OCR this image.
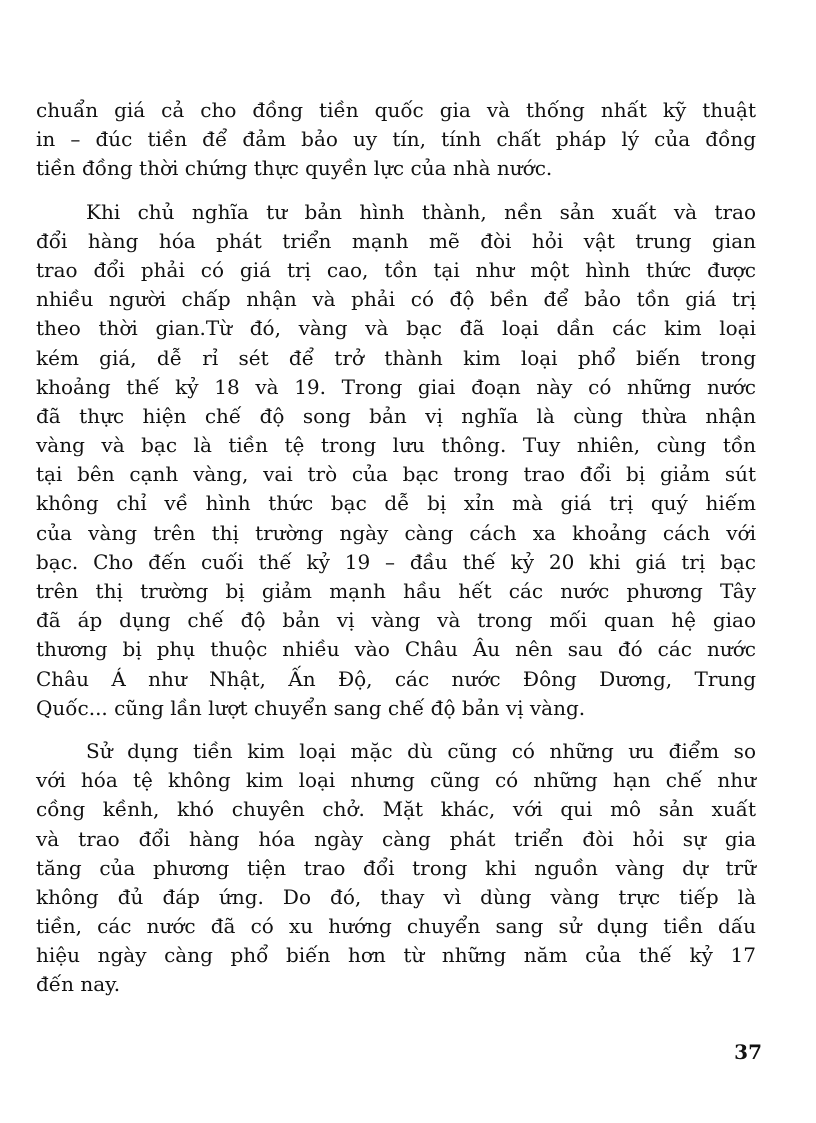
chuẩn giá cả cho đồng tiền quốc gia và thống nhất kỹ thuật
in – đúc tiền để đảm bảo uy tín, tính chất pháp lý của đồng
tiền đồng thời chứng thực quyền lực của nhà nước.
Khi chủ nghĩa tư bản hình thành, nền sản xuất và trao
đổi hàng hóa phát triển mạnh mẽ đòi hỏi vật trung gian
trao đổi phải có giá trị cao, tồn tại như một hình thức được
nhiều người chấp nhận và phải có độ bền để bảo tồn giá trị
theo thời gian.Từ đó, vàng và bạc đã loại dần các kim loại
kém giá, dễ rỉ sét để trở thành kim loại phổ biến trong
khoảng thế kỷ 18 và 19. Trong giai đoạn này có những nước
đã thực hiện chế độ song bản vị nghĩa là cùng thừa nhận
vàng và bạc là tiền tệ trong lưu thông. Tuy nhiên, cùng tồn
tại bên cạnh vàng, vai trò của bạc trong trao đổi bị giảm sút
không chỉ về hình thức bạc dễ bị xỉn mà giá trị quý hiếm
của vàng trên thị trường ngày càng cách xa khoảng cách với
bạc. Cho đến cuối thế kỷ 19 – đầu thế kỷ 20 khi giá trị bạc
trên thị trường bị giảm mạnh hầu hết các nước phương Tây
đã áp dụng chế độ bản vị vàng và trong mối quan hệ giao
thương bị phụ thuộc nhiều vào Châu Âu nên sau đó các nước
Châu Á như Nhật, Ấn Độ, các nước Đông Dương, Trung
Quốc... cũng lần lượt chuyển sang chế độ bản vị vàng.
Sử dụng tiền kim loại mặc dù cũng có những ưu điểm so
với hóa tệ không kim loại nhưng cũng có những hạn chế như
cồng kềnh, khó chuyên chở. Mặt khác, với qui mô sản xuất
và trao đổi hàng hóa ngày càng phát triển đòi hỏi sự gia
tăng của phương tiện trao đổi trong khi nguồn vàng dự trữ
không đủ đáp ứng. Do đó, thay vì dùng vàng trực tiếp là
tiền, các nước đã có xu hướng chuyển sang sử dụng tiền dấu
hiệu ngày càng phổ biến hơn từ những năm của thế kỷ 17
đến nay.
37
